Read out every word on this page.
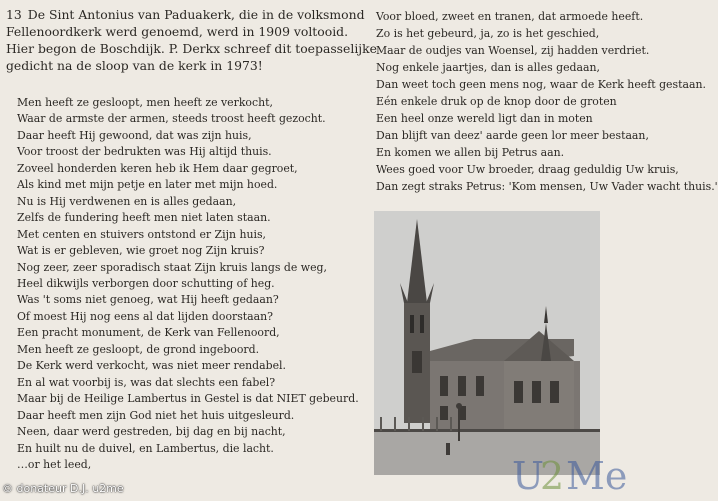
13 De Sint Antonius van Paduakerk, die in de volksmond
Fellenoordkerk werd genoemd, werd in 1909 voltooid.
Hier begon de Boschdijk. P. Derkx schreef dit toepasselijke
gedicht na de sloop van de kerk in 1973!
Men heeft ze gesloopt, men heeft ze verkocht,
Waar de armste der armen, steeds troost heeft gezocht.
Daar heeft Hij gewoond, dat was zijn huis,
Voor troost der bedrukten was Hij altijd thuis.
Zoveel honderden keren heb ik Hem daar gegroet,
Als kind met mijn petje en later met mijn hoed.
Nu is Hij verdwenen en is alles gedaan,
Zelfs de fundering heeft men niet laten staan.
Met centen en stuivers ontstond er Zijn huis,
Wat is er gebleven, wie groet nog Zijn kruis?
Nog zeer, zeer sporadisch staat Zijn kruis langs de weg,
Heel dikwijls verborgen door schutting of heg.
Was 't soms niet genoeg, wat Hij heeft gedaan?
Of moest Hij nog eens al dat lijden doorstaan?
Een pracht monument, de Kerk van Fellenoord,
Men heeft ze gesloopt, de grond ingeboord.
De Kerk werd verkocht, was niet meer rendabel.
En al wat voorbij is, was dat slechts een fabel?
Maar bij de Heilige Lambertus in Gestel is dat NIET gebeurd.
Daar heeft men zijn God niet het huis uitgesleurd.
Neen, daar werd gestreden, bij dag en bij nacht,
En huilt nu de duivel, en Lambertus, die lacht.
…or het leed,
Voor bloed, zweet en tranen, dat armoede heeft.
Zo is het gebeurd, ja, zo is het geschied,
Maar de oudjes van Woensel, zij hadden verdriet.
Nog enkele jaartjes, dan is alles gedaan,
Dan weet toch geen mens nog, waar de Kerk heeft gestaan.
Eén enkele druk op de knop door de groten
Een heel onze wereld ligt dan in moten
Dan blijft van deez' aarde geen lor meer bestaan,
En komen we allen bij Petrus aan.
Wees goed voor Uw broeder, draag geduldig Uw kruis,
Dan zegt straks Petrus: 'Kom mensen, Uw Vader wacht thuis.'
U
2 Me
© donateur D.J. u2me
